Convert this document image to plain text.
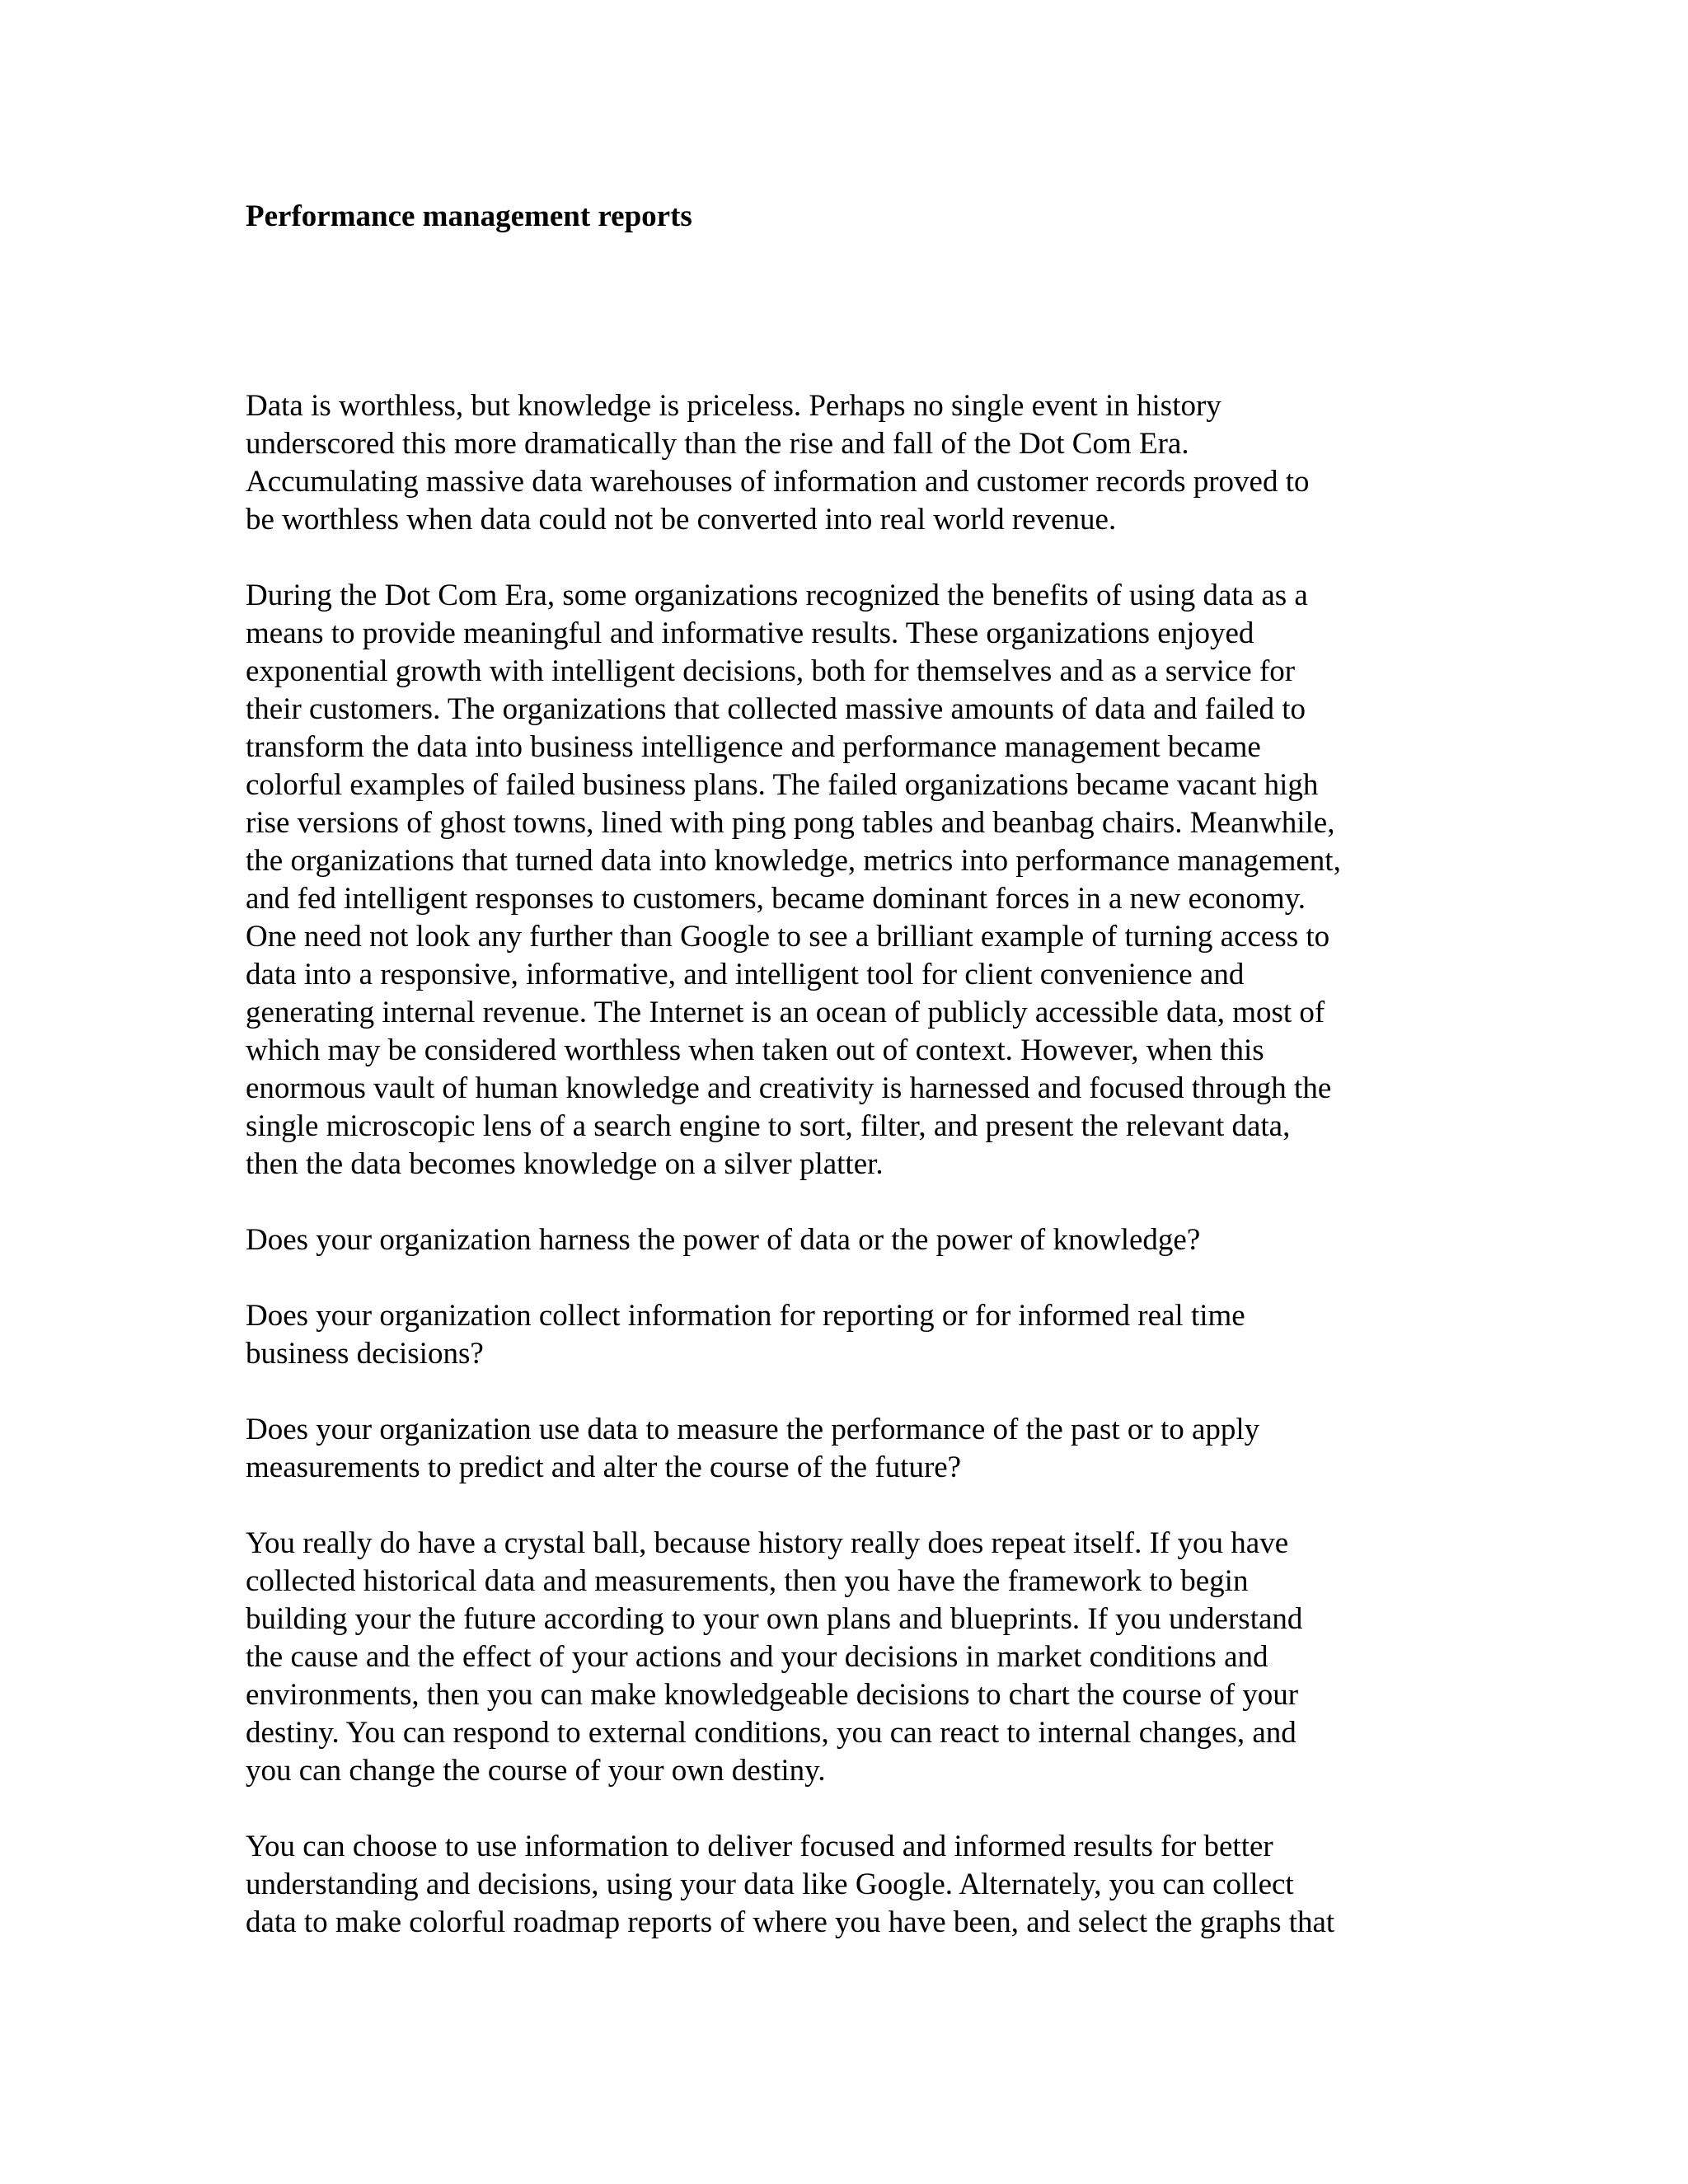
Performance management reports

Data is worthless, but knowledge is priceless. Perhaps no single event in history
underscored this more dramatically than the rise and fall of the Dot Com Era.
Accumulating massive data warehouses of information and customer records proved to
be worthless when data could not be converted into real world revenue.

During the Dot Com Era, some organizations recognized the benefits of using data as a
means to provide meaningful and informative results. These organizations enjoyed
exponential growth with intelligent decisions, both for themselves and as a service for
their customers. The organizations that collected massive amounts of data and failed to
transform the data into business intelligence and performance management became
colorful examples of failed business plans. The failed organizations became vacant high
rise versions of ghost towns, lined with ping pong tables and beanbag chairs. Meanwhile,
the organizations that turned data into knowledge, metrics into performance management,
and fed intelligent responses to customers, became dominant forces in a new economy.
One need not look any further than Google to see a brilliant example of turning access to
data into a responsive, informative, and intelligent tool for client convenience and
generating internal revenue. The Internet is an ocean of publicly accessible data, most of
which may be considered worthless when taken out of context. However, when this
enormous vault of human knowledge and creativity is harnessed and focused through the
single microscopic lens of a search engine to sort, filter, and present the relevant data,
then the data becomes knowledge on a silver platter.

Does your organization harness the power of data or the power of knowledge?

Does your organization collect information for reporting or for informed real time
business decisions?

Does your organization use data to measure the performance of the past or to apply
measurements to predict and alter the course of the future?

You really do have a crystal ball, because history really does repeat itself. If you have
collected historical data and measurements, then you have the framework to begin
building your the future according to your own plans and blueprints. If you understand
the cause and the effect of your actions and your decisions in market conditions and
environments, then you can make knowledgeable decisions to chart the course of your
destiny. You can respond to external conditions, you can react to internal changes, and
you can change the course of your own destiny.

You can choose to use information to deliver focused and informed results for better
understanding and decisions, using your data like Google. Alternately, you can collect
data to make colorful roadmap reports of where you have been, and select the graphs that
